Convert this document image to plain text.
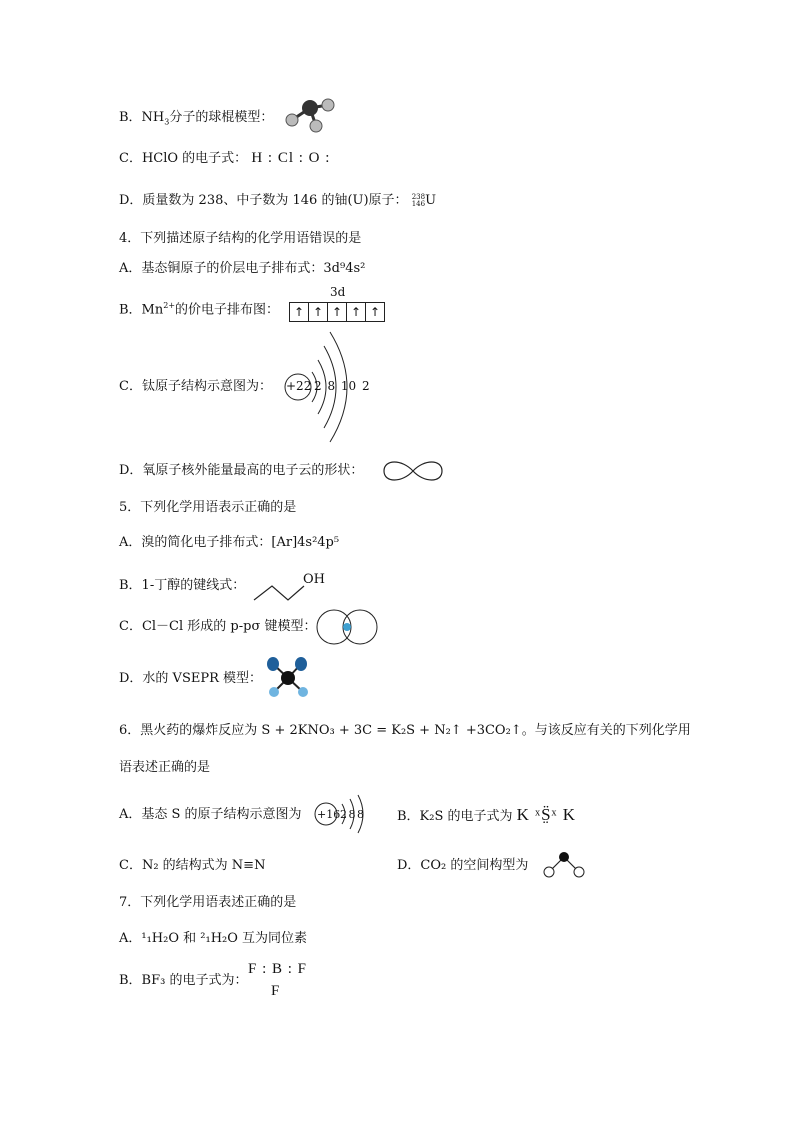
B．$NH_3$分子的球棍模型：
C．HClO 的电子式： H : Cl : O :
D．质量数为 238、中子数为 146 的铀(U)原子： 238
146U
4．下列描述原子结构的化学用语错误的是
A．基态铜原子的价层电子排布式：3d⁹4s²
B．$Mn^{2+}$的价电子排布图：
3d
↑ ↑ ↑ ↑ ↑
C．钛原子结构示意图为： +22 2 8 10 2
D．氧原子核外能量最高的电子云的形状：
5．下列化学用语表示正确的是
A．溴的简化电子排布式：[Ar]4s²4p⁵
B．1-丁醇的键线式：	OH
C．Cl－Cl 形成的 p-pσ 键模型：
D．水的 VSEPR 模型：
6．黑火药的爆炸反应为 S + 2KNO₃ + 3C = K₂S + N₂↑ +3CO₂↑。与该反应有关的下列化学用
语表述正确的是
A．基态 S 的原子结构示意图为 +16 2 8 8	B．K₂S 的电子式为 K ˣS̤̈ˣ K
C．N₂ 的结构式为 N≡N	D．CO₂ 的空间构型为
7．下列化学用语表述正确的是
A．¹₁H₂O 和 ²₁H₂O 互为同位素
B．BF₃ 的电子式为：
F : B : F
F
